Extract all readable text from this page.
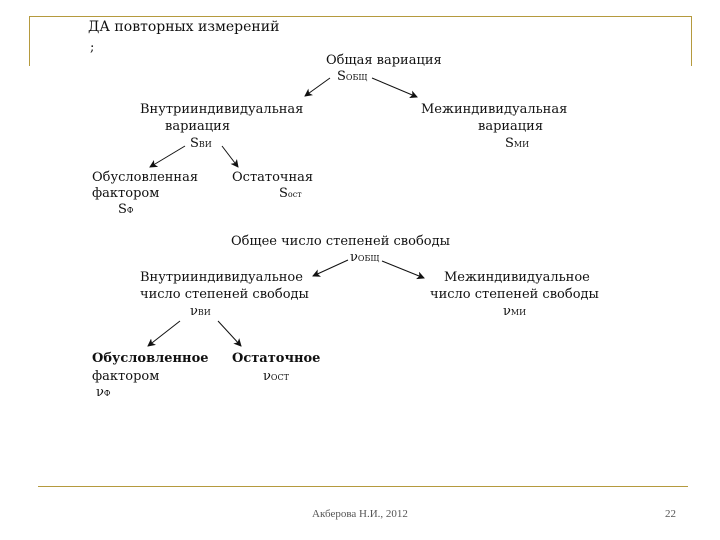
ДА повторных измерений
;
Общая вариация
SОБЩ
Внутрииндивидуальная
вариация
SВИ
Межиндивидуальная
вариация
SМИ
Обусловленная
фактором
SФ
Остаточная
Sост
Общее число степеней свободы
νОБЩ
Внутрииндивидуальное
число степеней свободы
νВИ
Межиндивидуальное
число степеней свободы
νМИ
Обусловленное
фактором
νФ
Остаточное
νОСТ
Акберова Н.И., 2012	22
